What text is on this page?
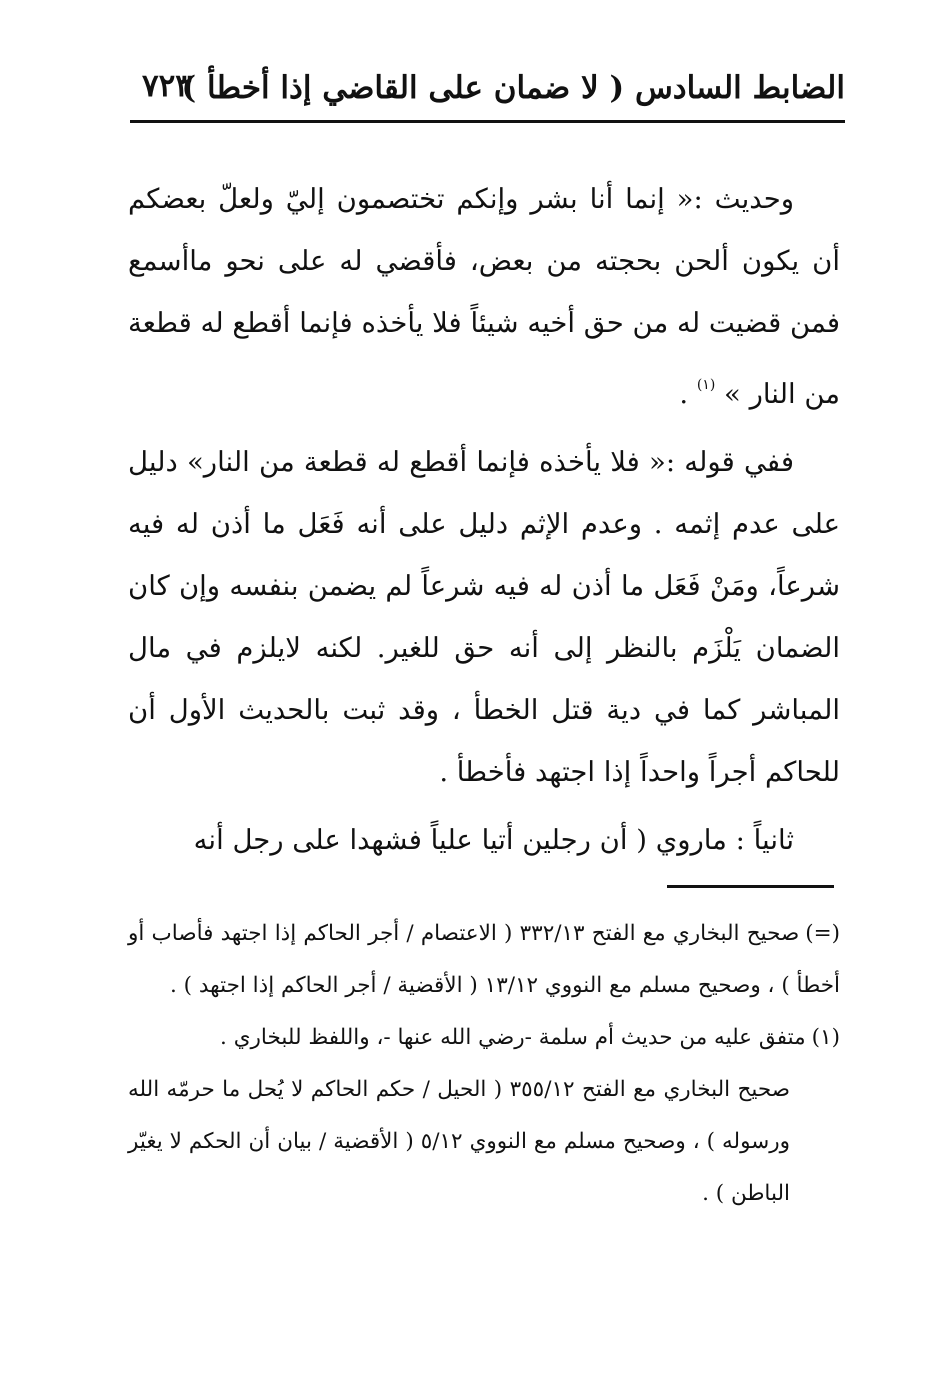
الضابط السادس ( لا ضمان على القاضي إذا أخطأ )
٧٢٣

وحديث :« إنما أنا بشر وإنكم تختصمون إليّ ولعلّ بعضكم أن يكون ألحن بحجته من بعض، فأقضي له على نحو ماأسمع فمن قضيت له من حق أخيه شيئاً فلا يأخذه فإنما أقطع له قطعة من النار » $^{(١)}$ .

ففي قوله :« فلا يأخذه فإنما أقطع له قطعة من النار» دليل على عدم إثمه . وعدم الإثم دليل على أنه فَعَل ما أذن له فيه شرعاً، ومَنْ فَعَل ما أذن له فيه شرعاً لم يضمن بنفسه وإن كان الضمان يَلْزَم بالنظر إلى أنه حق للغير. لكنه لايلزم في مال المباشر كما في دية قتل الخطأ ، وقد ثبت بالحديث الأول أن للحاكم أجراً واحداً إذا اجتهد فأخطأ .

ثانياً : ماروي ( أن رجلين أتيا علياً فشهدا على رجل أنه

(=)صحيح البخاري مع الفتح ٣٣٢/١٣ ( الاعتصام / أجر الحاكم إذا اجتهد فأصاب أو أخطأ ) ، وصحيح مسلم مع النووي ١٣/١٢ ( الأقضية / أجر الحاكم إذا اجتهد ) .

(١)متفق عليه من حديث أم سلمة -رضي الله عنها -، واللفظ للبخاري .

صحيح البخاري مع الفتح ٣٥٥/١٢ ( الحيل / حكم الحاكم لا يُحل ما حرمّه الله ورسوله ) ، وصحيح مسلم مع النووي ٥/١٢ ( الأقضية / بيان أن الحكم لا يغيّر الباطن ) .
